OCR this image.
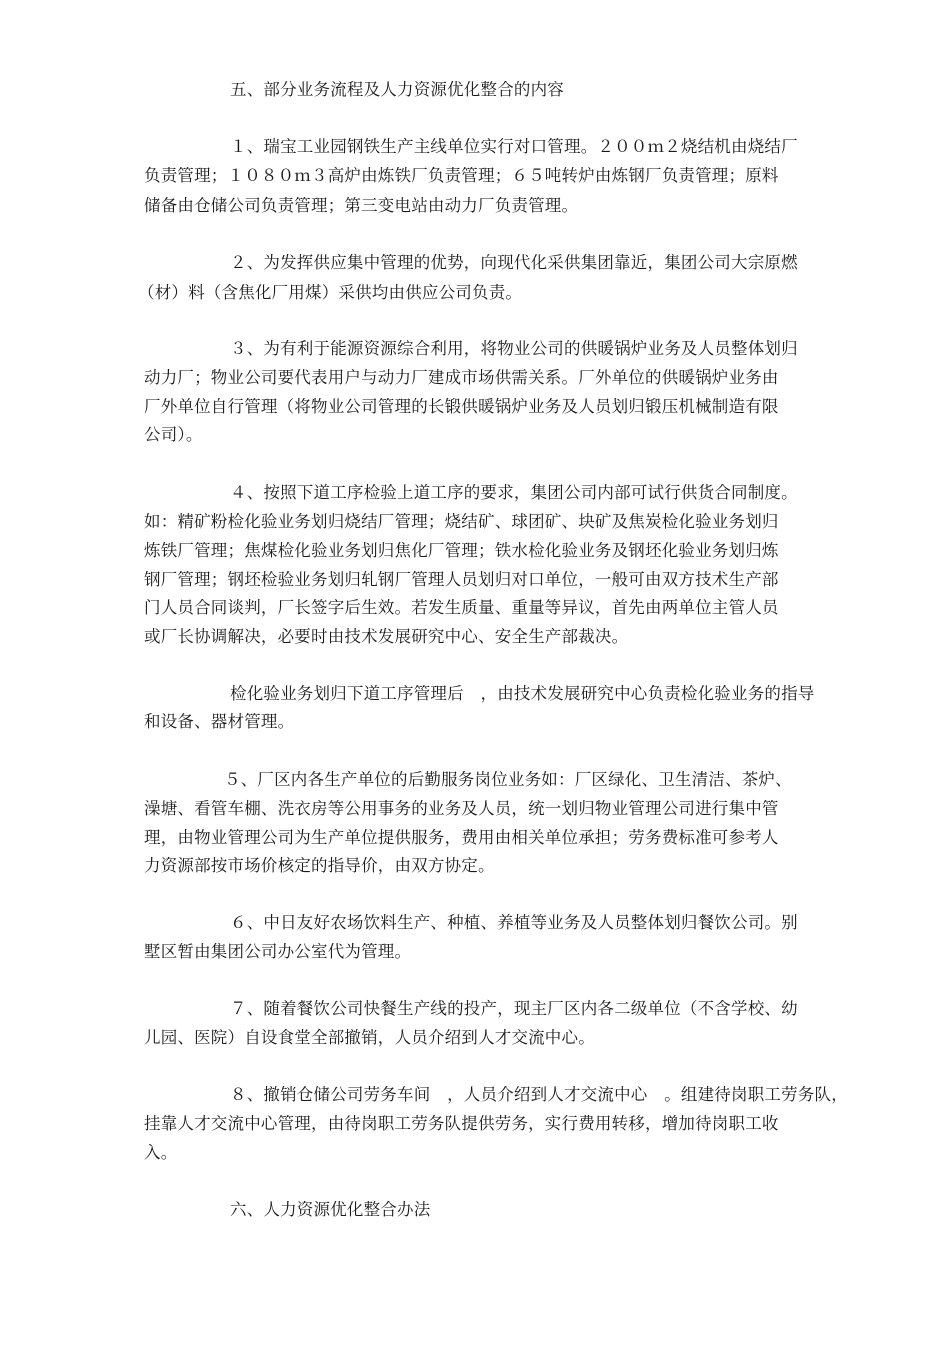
五、部分业务流程及人力资源优化整合的内容
１、瑞宝工业园钢铁生产主线单位实行对口管理。２００ｍ２烧结机由烧结厂
负责管理；１０８０ｍ３高炉由炼铁厂负责管理；６５吨转炉由炼钢厂负责管理；原料
储备由仓储公司负责管理；第三变电站由动力厂负责管理。
２、为发挥供应集中管理的优势，向现代化采供集团靠近，集团公司大宗原燃
（材）料（含焦化厂用煤）采供均由供应公司负责。
３、为有利于能源资源综合利用，将物业公司的供暖锅炉业务及人员整体划归
动力厂；物业公司要代表用户与动力厂建成市场供需关系。厂外单位的供暖锅炉业务由
厂外单位自行管理（将物业公司管理的长锻供暖锅炉业务及人员划归锻压机械制造有限
公司）。
４、按照下道工序检验上道工序的要求，集团公司内部可试行供货合同制度。
如：精矿粉检化验业务划归烧结厂管理；烧结矿、球团矿、块矿及焦炭检化验业务划归
炼铁厂管理；焦煤检化验业务划归焦化厂管理；铁水检化验业务及钢坯化验业务划归炼
钢厂管理；钢坯检验业务划归轧钢厂管理人员划归对口单位，一般可由双方技术生产部
门人员合同谈判，厂长签字后生效。若发生质量、重量等异议，首先由两单位主管人员
或厂长协调解决，必要时由技术发展研究中心、安全生产部裁决。
检化验业务划归下道工序管理后　，由技术发展研究中心负责检化验业务的指导
和设备、器材管理。
５、厂区内各生产单位的后勤服务岗位业务如：厂区绿化、卫生清洁、茶炉、
澡塘、看管车棚、洗衣房等公用事务的业务及人员，统一划归物业管理公司进行集中管
理，由物业管理公司为生产单位提供服务，费用由相关单位承担；劳务费标准可参考人
力资源部按市场价核定的指导价，由双方协定。
６、中日友好农场饮料生产、种植、养植等业务及人员整体划归餐饮公司。别
墅区暂由集团公司办公室代为管理。
７、随着餐饮公司快餐生产线的投产，现主厂区内各二级单位（不含学校、幼
儿园、医院）自设食堂全部撤销，人员介绍到人才交流中心。
８、撤销仓储公司劳务车间　，人员介绍到人才交流中心　。组建待岗职工劳务队，
挂靠人才交流中心管理，由待岗职工劳务队提供劳务，实行费用转移，增加待岗职工收
入。
六、人力资源优化整合办法
